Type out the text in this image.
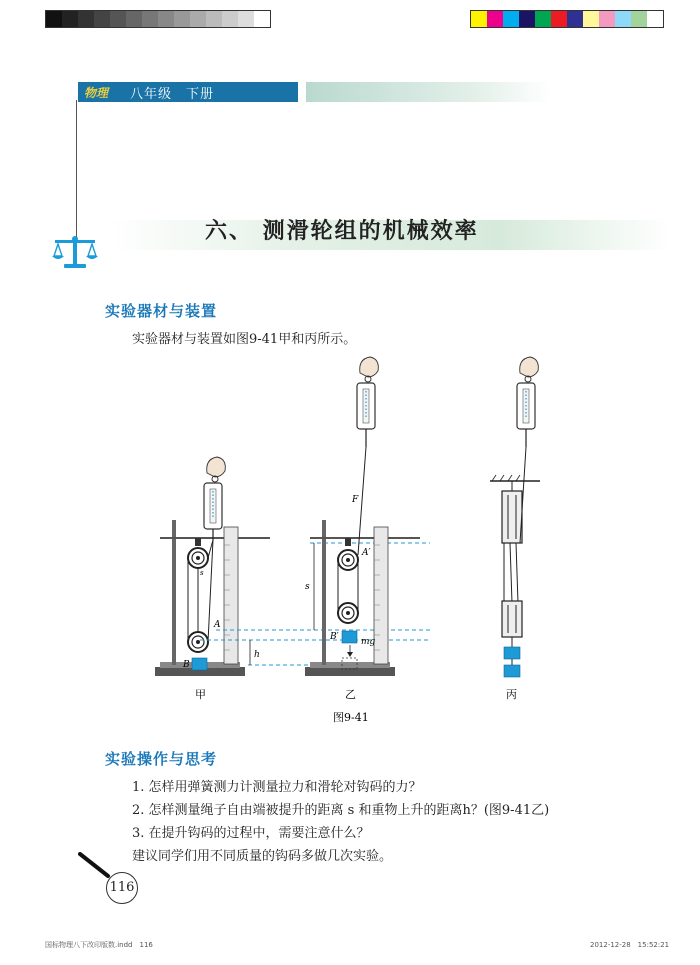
物理 八年级　下册
六、 测滑轮组的机械效率
实验器材与装置
实验器材与装置如图9-41甲和丙所示。
s
A
B
h
F
A′
B′ mg
s
甲	乙	丙
图9-41
实验操作与思考
1. 怎样用弹簧测力计测量拉力和滑轮对钩码的力？
2. 怎样测量绳子自由端被提升的距离 s 和重物上升的距离h？(图9-41乙)
3. 在提升钩码的过程中，需要注意什么？
建议同学们用不同质量的钩码多做几次实验。
116
国标物理八下改印版数.indd　116	2012-12-28　15:52:21
